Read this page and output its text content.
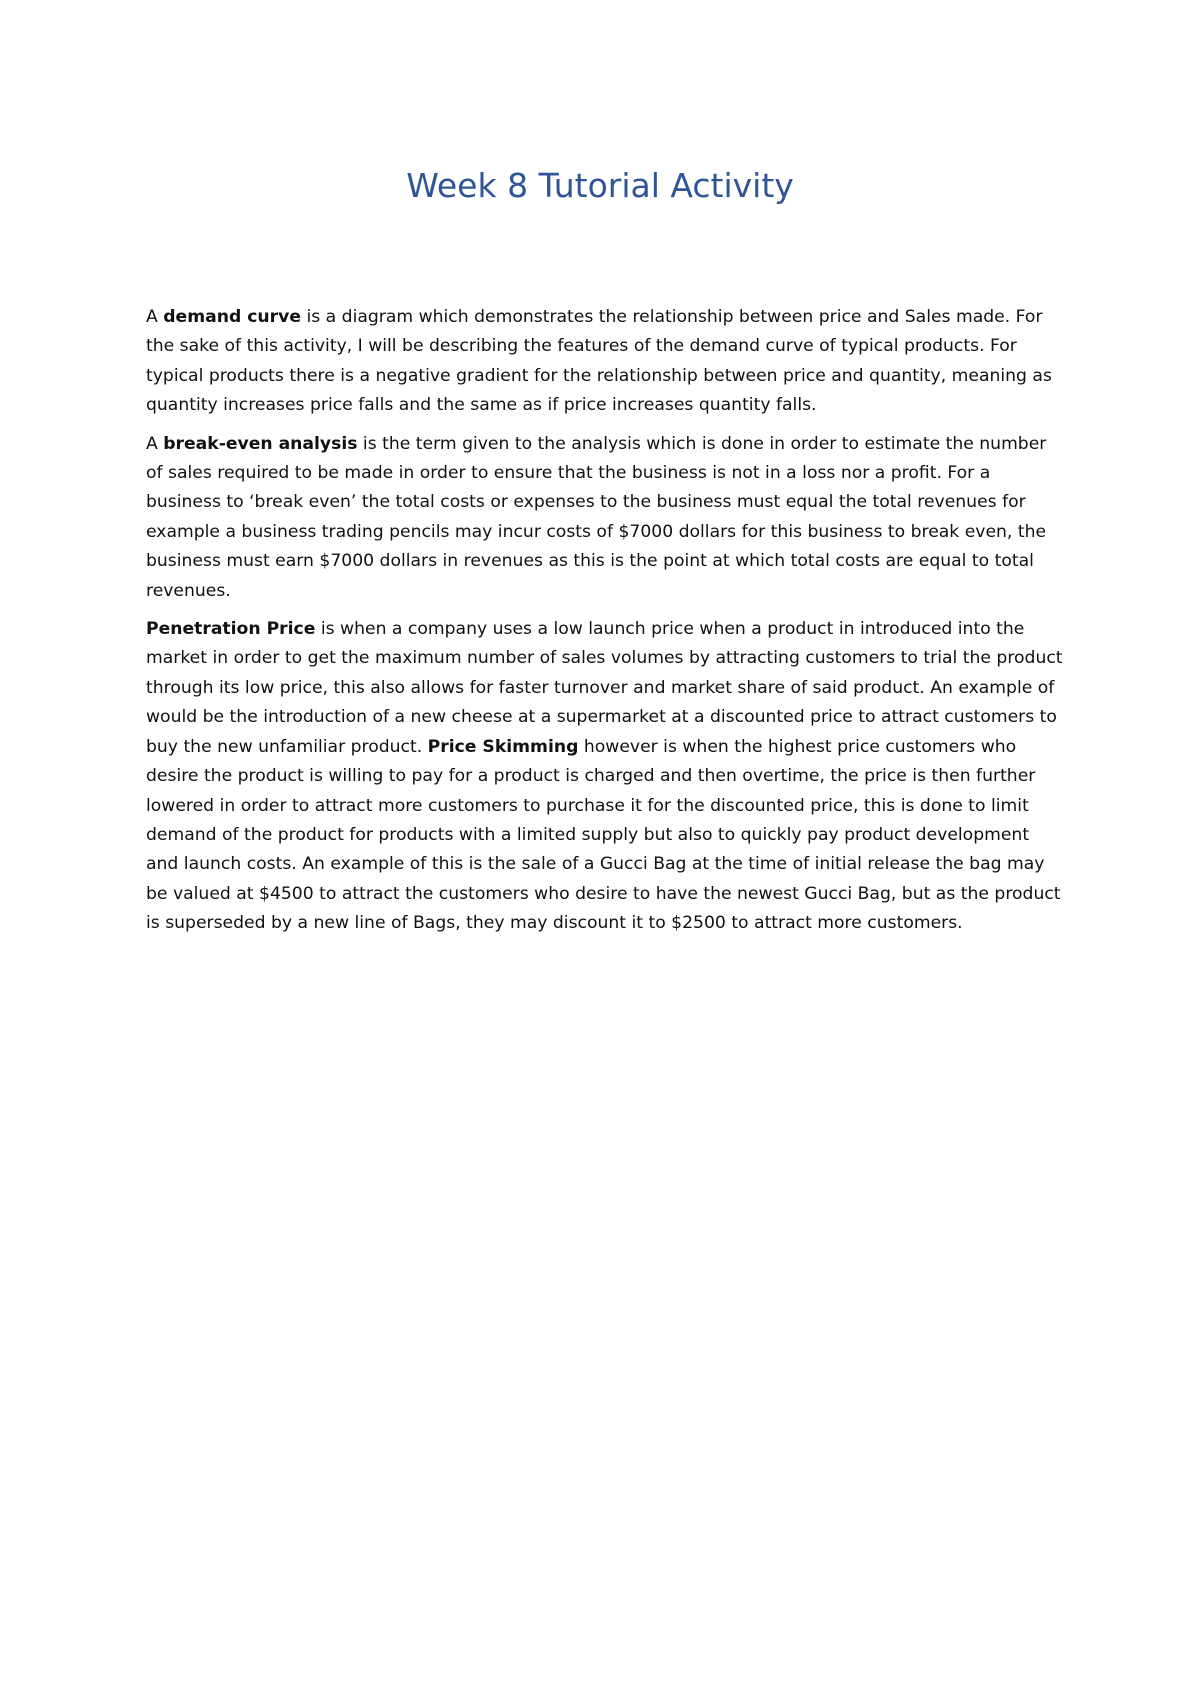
Week 8 Tutorial Activity

A demand curve is a diagram which demonstrates the relationship between price and Sales made. For the sake of this activity, I will be describing the features of the demand curve of typical products. For typical products there is a negative gradient for the relationship between price and quantity, meaning as quantity increases price falls and the same as if price increases quantity falls.

A break-even analysis is the term given to the analysis which is done in order to estimate the number of sales required to be made in order to ensure that the business is not in a loss nor a profit. For a business to ‘break even’ the total costs or expenses to the business must equal the total revenues for example a business trading pencils may incur costs of $7000 dollars for this business to break even, the business must earn $7000 dollars in revenues as this is the point at which total costs are equal to total revenues.

Penetration Price is when a company uses a low launch price when a product in introduced into the market in order to get the maximum number of sales volumes by attracting customers to trial the product through its low price, this also allows for faster turnover and market share of said product. An example of would be the introduction of a new cheese at a supermarket at a discounted price to attract customers to buy the new unfamiliar product. Price Skimming however is when the highest price customers who desire the product is willing to pay for a product is charged and then overtime, the price is then further lowered in order to attract more customers to purchase it for the discounted price, this is done to limit demand of the product for products with a limited supply but also to quickly pay product development and launch costs. An example of this is the sale of a Gucci Bag at the time of initial release the bag may be valued at $4500 to attract the customers who desire to have the newest Gucci Bag, but as the product is superseded by a new line of Bags, they may discount it to $2500 to attract more customers.
